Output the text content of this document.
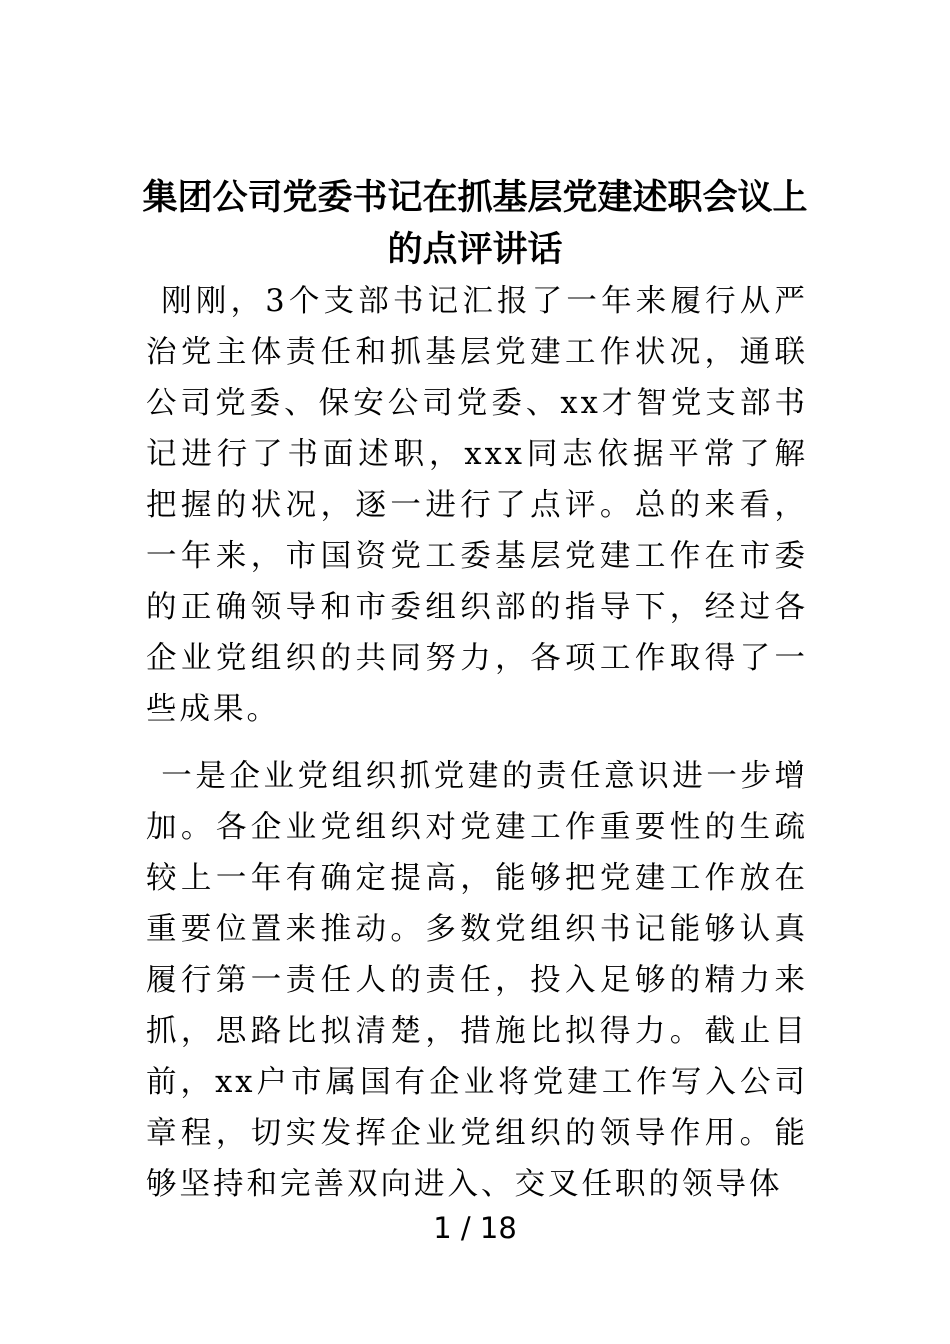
集团公司党委书记在抓基层党建述职会议上的点评讲话

刚刚，3个支部书记汇报了一年来履行从严治党主体责任和抓基层党建工作状况，通联公司党委、保安公司党委、xx才智党支部书记进行了书面述职，xxx同志依据平常了解把握的状况，逐一进行了点评。总的来看，一年来，市国资党工委基层党建工作在市委的正确领导和市委组织部的指导下，经过各企业党组织的共同努力，各项工作取得了一些成果。

一是企业党组织抓党建的责任意识进一步增加。各企业党组织对党建工作重要性的生疏较上一年有确定提高，能够把党建工作放在重要位置来推动。多数党组织书记能够认真履行第一责任人的责任，投入足够的精力来抓，思路比拟清楚，措施比拟得力。截止目前，xx户市属国有企业将党建工作写入公司章程，切实发挥企业党组织的领导作用。能够坚持和完善双向进入、交叉任职的领导体

1 / 18
